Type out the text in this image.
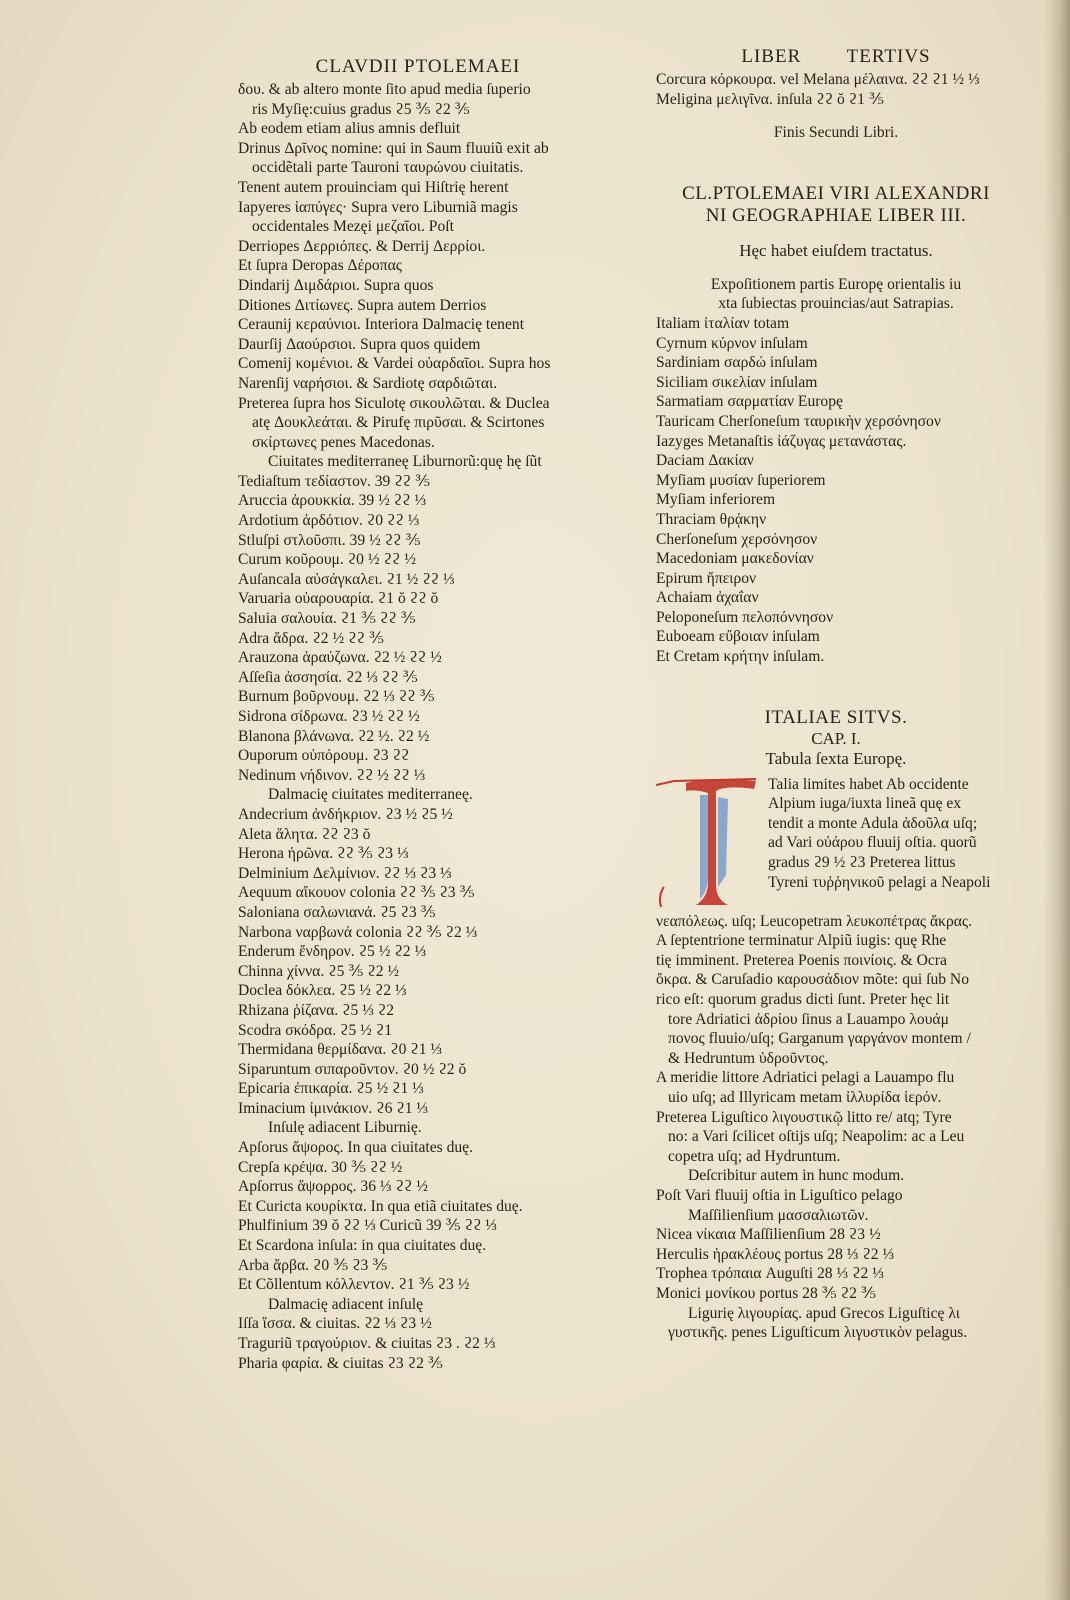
CLAVDII PTOLEMAEI
δου. & ab altero monte ſito apud media ſuperio
ris Myſię:cuius gradus ϩ5 ⅗ ϩ2 ⅗
Ab eodem etiam alius amnis defluit
Drinus Δρῖνος nomine: qui in Saum fluuiũ exit ab
occidẽtali parte Tauroni ταυρώνου ciuitatis.
Tenent autem prouinciam qui Hiſtrię herent
Iapyeres ἰαπύγες· Supra vero Liburniã magis
occidentales Mezęi μεζαῖοι. Poſt
Derriopes Δερριόπες. & Derrij Δερρίοι.
Et ſupra Deropas Δέροπας
Dindarij Διμδάριοι. Supra quos
Ditiones Διτίωνες. Supra autem Derrios
Ceraunij κεραύνιοι. Interiora Dalmacię tenent
Daurſij Δαούρσιοι. Supra quos quidem
Comenij κομένιοι. & Vardei οὐαρδαῖοι. Supra hos
Narenſij ναρήσιοι. & Sardiotę σαρδιῶται.
Preterea ſupra hos Siculotę σικουλῶται. & Duclea
atę Δουκλεάται. & Pirufę πιρῦσαι. & Scirtones
σκίρτωνες penes Macedonas.
Ciuitates mediterraneę Liburnorũ:quę hę ſũt
Tediaſtum τεδίαστον. 39 ϩϩ ⅗
Aruccia ἀρουκκία. 39 ½ ϩϩ ⅓
Ardotium ἀρδότιον. ϩ0 ϩϩ ⅓
Stluſpi στλοῦσπι. 39 ½ ϩϩ ⅗
Curum κοῦρουμ. ϩ0 ½ ϩϩ ½
Auſancala αὐσάγκαλει. ϩ1 ½ ϩϩ ⅓
Varuaria οὐαρουαρία. ϩ1 ŏ ϩϩ ŏ
Saluia σαλουία. ϩ1 ⅗ ϩϩ ⅗
Adra ἄδρα. ϩ2 ½ ϩϩ ⅗
Arauzona ἀραύζωνα. ϩ2 ½ ϩϩ ½
Aſſeſia ἀσσησία. ϩ2 ⅓ ϩϩ ⅗
Burnum βοῦρνουμ. ϩ2 ⅓ ϩϩ ⅗
Sidrona σίδρωνα. ϩ3 ½ ϩϩ ½
Blanona βλάνωνα. ϩ2 ½. ϩ2 ½
Ouporum οὐπόρουμ. ϩ3 ϩϩ
Nedinum νήδινον. ϩϩ ½ ϩϩ ⅓
Dalmacię ciuitates mediterraneę.
Andecrium ἀνδήκριον. ϩ3 ½ ϩ5 ½
Aleta ἄλητα. ϩϩ ϩ3 ŏ
Herona ἡρῶνα. ϩϩ ⅗ ϩ3 ⅓
Delminium Δελμίνιον. ϩϩ ⅓ ϩ3 ⅓
Aequum αἴκουον colonia ϩϩ ⅗ ϩ3 ⅗
Saloniana σαλωνιανά. ϩ5 ϩ3 ⅗
Narbona ναρβωνά colonia ϩϩ ⅗ ϩ2 ⅓
Enderum ἔνδηρον. ϩ5 ½ ϩ2 ⅓
Chinna χίννα. ϩ5 ⅗ ϩ2 ½
Doclea δόκλεα. ϩ5 ½ ϩ2 ⅓
Rhizana ῥίζανα. ϩ5 ⅓ ϩ2
Scodra σκόδρα. ϩ5 ½ ϩ1
Thermidana θερμίδανα. ϩ0 ϩ1 ⅓
Siparuntum σιπαροῦντον. ϩ0 ½ ϩ2 ŏ
Epicaria ἐπικαρία. ϩ5 ½ ϩ1 ⅓
Iminacium ἰμινάκιον. ϩ6 ϩ1 ⅓
Inſulę adiacent Liburnię.
Apſorus ἄψορος. In qua ciuitates duę.
Crepſa κρέψα. 30 ⅗ ϩϩ ½
Apſorrus ἄψορρος. 36 ⅓ ϩϩ ½
Et Curicta κουρίκτα. In qua etiã ciuitates duę.
Phulfinium 39 ŏ ϩϩ ⅓ Curicũ 39 ⅗ ϩϩ ⅓
Et Scardona inſula: in qua ciuitates duę.
Arba ἄρβα. ϩ0 ⅗ ϩ3 ⅗
Et Cõllentum κόλλεντον. ϩ1 ⅗ ϩ3 ½
Dalmacię adiacent inſulę
Iſſa ἴσσα. & ciuitas. ϩ2 ⅓ ϩ3 ½
Traguriũ τραγούριον. & ciuitas ϩ3 . ϩ2 ⅓
Pharia φαρία. & ciuitas ϩ3 ϩ2 ⅗
LIBER TERTIVS
Corcura κόρκουρα. vel Melana μέλαινα. ϩϩ ϩ1 ½ ⅓
Meligina μελιγῖνα. inſula ϩϩ ŏ ϩ1 ⅗
Finis Secundi Libri.
CL.PTOLEMAEI VIRI ALEXANDRI
NI GEOGRAPHIAE LIBER III.
Hęc habet eiuſdem tractatus.
Expoſitionem partis Europę orientalis iu
xta ſubiectas prouincias/aut Satrapias.
Italiam ἰταλίαν totam
Cyrnum κύρνον inſulam
Sardiniam σαρδώ inſulam
Siciliam σικελίαν inſulam
Sarmatiam σαρματίαν Europę
Tauricam Cherſoneſum ταυρικὴν χερσόνησον
Iazyges Metanaſtis ἰάζυγας μετανάστας.
Daciam Δακίαν
Myſiam μυσίαν ſuperiorem
Myſiam inferiorem
Thraciam θρᾴκην
Cherſoneſum χερσόνησον
Macedoniam μακεδονίαν
Epirum ἤπειρον
Achaiam ἀχαΐαν
Peloponeſum πελοπόννησον
Euboeam εὔβοιαν inſulam
Et Cretam κρήτην inſulam.
ITALIAE SITVS.
CAP. I.
Tabula ſexta Europę.
Talia limites habet Ab occidente
Alpium iuga/iuxta lineã quę ex
tendit a monte Adula ἀδοῦλα uſq;
ad Vari οὐάρου fluuij oſtia. quorũ
gradus ϩ9 ½ ϩ3 Preterea littus
Tyreni τυῤῥηνικοῦ pelagi a Neapoli
νεαπόλεως. uſq; Leucopetram λευκοπέτρας ἄκρας.
A ſeptentrione terminatur Alpiũ iugis: quę Rhe
tię imminent. Preterea Poenis ποινίοις. & Ocra
ὄκρα. & Caruſadio καρουσάδιον mõte: qui ſub No
rico eſt: quorum gradus dicti ſunt. Preter hęc lit
tore Adriatici ἀδρίου ſinus a Lauampo λουάμ
πονος fluuio/uſq; Garganum γαργάνον montem /
& Hedruntum ὑδροῦντος.
A meridie littore Adriatici pelagi a Lauampo flu
uio uſq; ad Illyricam metam ἰλλυρίδα ἱερόν.
Preterea Liguſtico λιγουστικῷ litto re/ atq; Tyre
no: a Vari ſcilicet oſtijs uſq; Neapolim: ac a Leu
copetra uſq; ad Hydruntum.
Deſcribitur autem in hunc modum.
Poſt Vari fluuij oſtia in Liguſtico pelago
Maſſilienſium μασσαλιωτῶν.
Nicea νίκαια Maſſilienſium 28 ϩ3 ½
Herculis ἡρακλέους portus 28 ⅓ ϩ2 ⅓
Tropheа τρόπαια Auguſti 28 ⅓ ϩ2 ⅓
Monici μονίκου portus 28 ⅗ ϩ2 ⅗
Ligurię λιγουρίας. apud Grecos Liguſticę λι
γυστικῆς. penes Liguſticum λιγυστικὸν pelagus.
